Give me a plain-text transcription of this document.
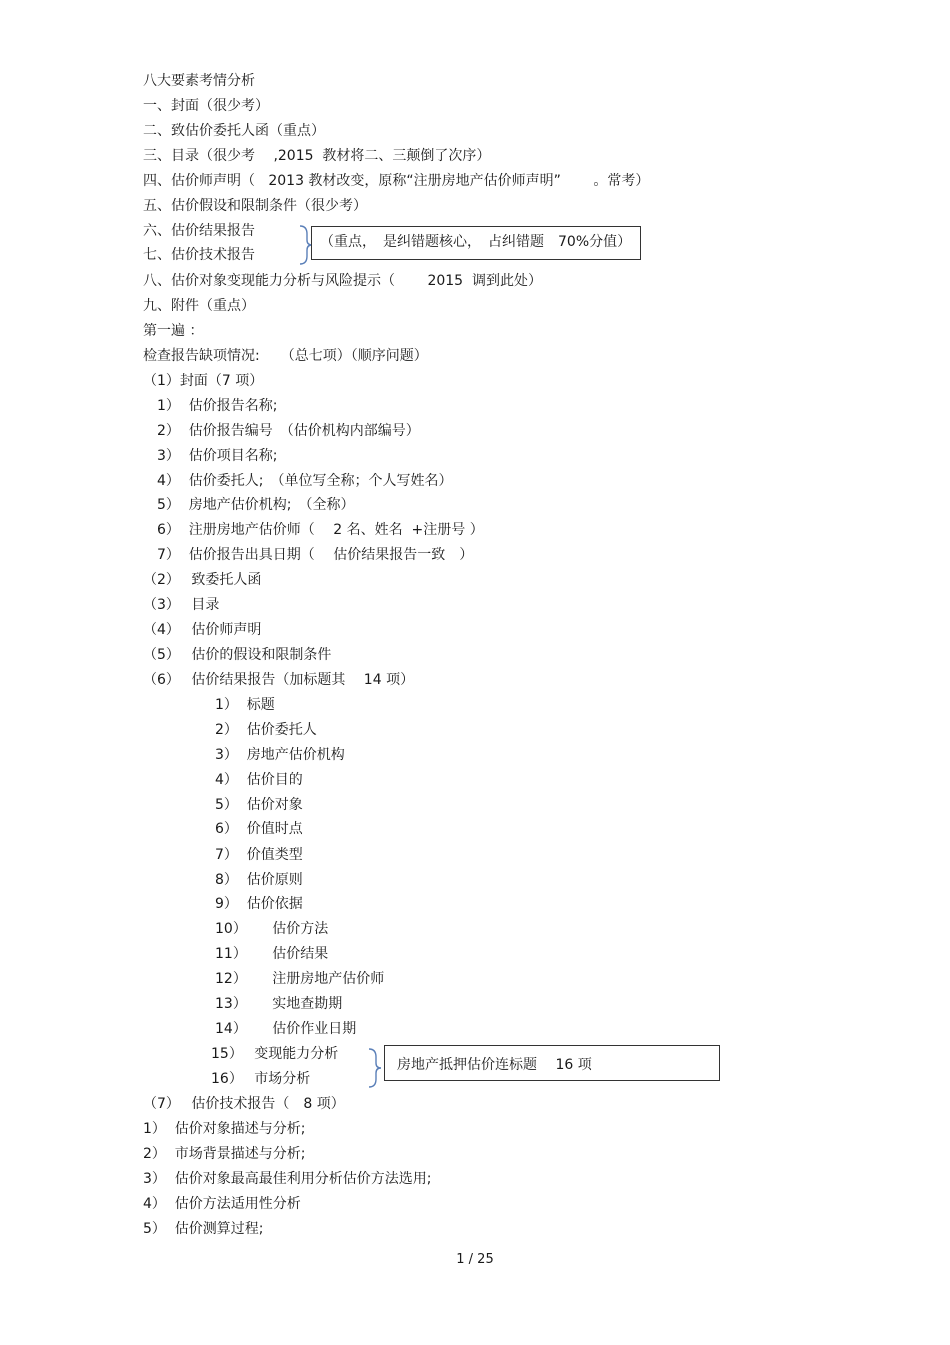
八大要素考情分析
一、封面（很少考）
二、致估价委托人函（重点）
三、目录（很少考　 ,2015  教材将二、三颠倒了次序）
四、估价师声明（   2013 教材改变，原称“注册房地产估价师声明”　　 。常考）
五、估价假设和限制条件（很少考）
六、估价结果报告
七、估价技术报告
（重点，　是纠错题核心，　占纠错题　70%分值）
八、估价对象变现能力分析与风险提示（　　 2015  调到此处）
九、附件（重点）
第一遍 ：
检查报告缺项情况:　　（总七项）（顺序问题）
（1）封面（7 项）
1）  估价报告名称;
2）  估价报告编号　（估价机构内部编号）
3）  估价项目名称;
4）  估价委托人;　（单位写全称；个人写姓名）
5）  房地产估价机构;　（全称）
6）  注册房地产估价师（　 2 名、姓名  +注册号 ）
7）  估价报告出具日期（　 估价结果报告一致　）
（2）　 致委托人函
（3）　 目录
（4）　 估价师声明
（5）　 估价的假设和限制条件
（6）　 估价结果报告（加标题其　 14 项）
1）  标题
2）  估价委托人
3）  房地产估价机构
4）  估价目的
5）  估价对象
6）  价值时点
7）  价值类型
8）  估价原则
9）  估价依据
10）　　 估价方法
11）　　 估价结果
12）　　 注册房地产估价师
13）　　 实地查勘期
14）　　 估价作业日期
15）　 变现能力分析
16）　 市场分析
房地产抵押估价连标题　 16 项
（7）　 估价技术报告（　8 项）
1）  估价对象描述与分析;
2）  市场背景描述与分析;
3）  估价对象最高最佳利用分析估价方法选用;
4）  估价方法适用性分析
5）  估价测算过程;
1 / 25
